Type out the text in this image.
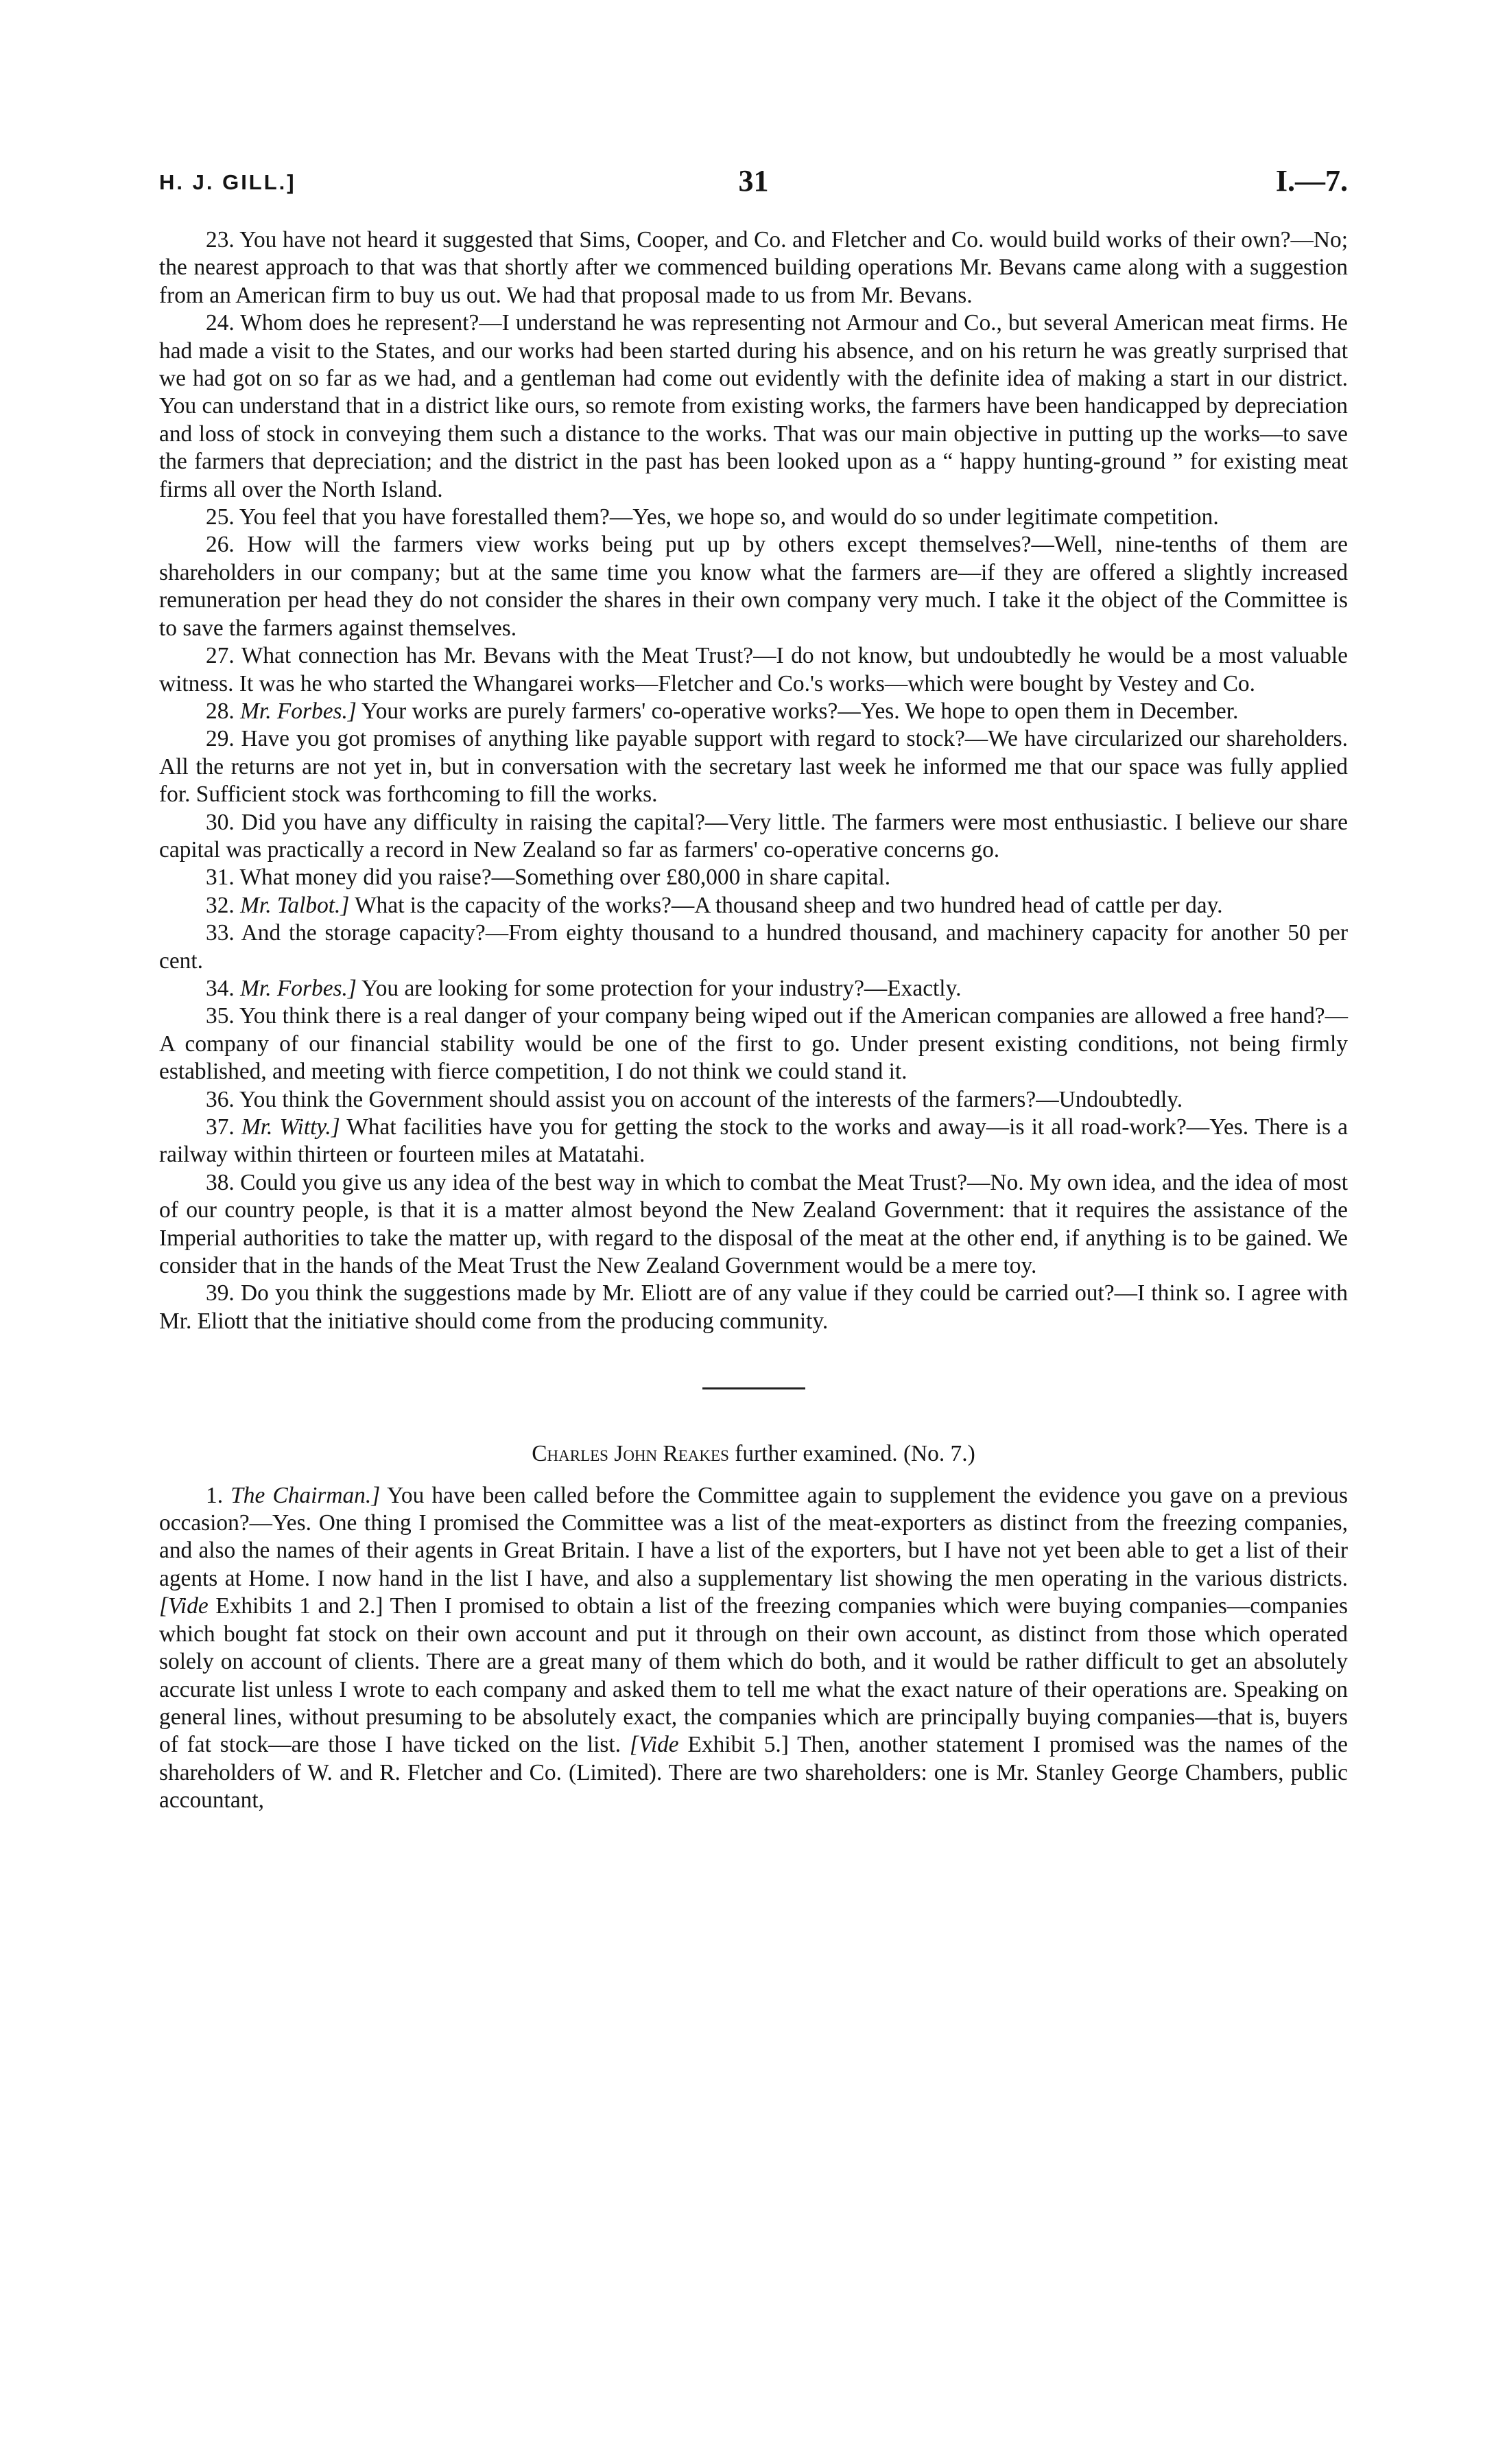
H. J. GILL.]	31	I.—7.

23. You have not heard it suggested that Sims, Cooper, and Co. and Fletcher and Co. would build works of their own?—No; the nearest approach to that was that shortly after we commenced building operations Mr. Bevans came along with a suggestion from an American firm to buy us out. We had that proposal made to us from Mr. Bevans.

24. Whom does he represent?—I understand he was representing not Armour and Co., but several American meat firms. He had made a visit to the States, and our works had been started during his absence, and on his return he was greatly surprised that we had got on so far as we had, and a gentleman had come out evidently with the definite idea of making a start in our district. You can understand that in a district like ours, so remote from existing works, the farmers have been handicapped by depreciation and loss of stock in conveying them such a distance to the works. That was our main objective in putting up the works—to save the farmers that depreciation; and the district in the past has been looked upon as a “ happy hunting-ground ” for existing meat firms all over the North Island.

25. You feel that you have forestalled them?—Yes, we hope so, and would do so under legitimate competition.

26. How will the farmers view works being put up by others except themselves?—Well, nine-tenths of them are shareholders in our company; but at the same time you know what the farmers are—if they are offered a slightly increased remuneration per head they do not consider the shares in their own company very much. I take it the object of the Committee is to save the farmers against themselves.

27. What connection has Mr. Bevans with the Meat Trust?—I do not know, but undoubtedly he would be a most valuable witness. It was he who started the Whangarei works—Fletcher and Co.'s works—which were bought by Vestey and Co.

28. Mr. Forbes.] Your works are purely farmers' co-operative works?—Yes. We hope to open them in December.

29. Have you got promises of anything like payable support with regard to stock?—We have circularized our shareholders. All the returns are not yet in, but in conversation with the secretary last week he informed me that our space was fully applied for. Sufficient stock was forthcoming to fill the works.

30. Did you have any difficulty in raising the capital?—Very little. The farmers were most enthusiastic. I believe our share capital was practically a record in New Zealand so far as farmers' co-operative concerns go.

31. What money did you raise?—Something over £80,000 in share capital.

32. Mr. Talbot.] What is the capacity of the works?—A thousand sheep and two hundred head of cattle per day.

33. And the storage capacity?—From eighty thousand to a hundred thousand, and machinery capacity for another 50 per cent.

34. Mr. Forbes.] You are looking for some protection for your industry?—Exactly.

35. You think there is a real danger of your company being wiped out if the American companies are allowed a free hand?—A company of our financial stability would be one of the first to go. Under present existing conditions, not being firmly established, and meeting with fierce competition, I do not think we could stand it.

36. You think the Government should assist you on account of the interests of the farmers?—Undoubtedly.

37. Mr. Witty.] What facilities have you for getting the stock to the works and away—is it all road-work?—Yes. There is a railway within thirteen or fourteen miles at Matatahi.

38. Could you give us any idea of the best way in which to combat the Meat Trust?—No. My own idea, and the idea of most of our country people, is that it is a matter almost beyond the New Zealand Government: that it requires the assistance of the Imperial authorities to take the matter up, with regard to the disposal of the meat at the other end, if anything is to be gained. We consider that in the hands of the Meat Trust the New Zealand Government would be a mere toy.

39. Do you think the suggestions made by Mr. Eliott are of any value if they could be carried out?—I think so. I agree with Mr. Eliott that the initiative should come from the producing community.

Charles John Reakes further examined. (No. 7.)

1. The Chairman.] You have been called before the Committee again to supplement the evidence you gave on a previous occasion?—Yes. One thing I promised the Committee was a list of the meat-exporters as distinct from the freezing companies, and also the names of their agents in Great Britain. I have a list of the exporters, but I have not yet been able to get a list of their agents at Home. I now hand in the list I have, and also a supplementary list showing the men operating in the various districts. [Vide Exhibits 1 and 2.] Then I promised to obtain a list of the freezing companies which were buying companies—companies which bought fat stock on their own account and put it through on their own account, as distinct from those which operated solely on account of clients. There are a great many of them which do both, and it would be rather difficult to get an absolutely accurate list unless I wrote to each company and asked them to tell me what the exact nature of their operations are. Speaking on general lines, without presuming to be absolutely exact, the companies which are principally buying companies—that is, buyers of fat stock—are those I have ticked on the list. [Vide Exhibit 5.] Then, another statement I promised was the names of the shareholders of W. and R. Fletcher and Co. (Limited). There are two shareholders: one is Mr. Stanley George Chambers, public accountant,
